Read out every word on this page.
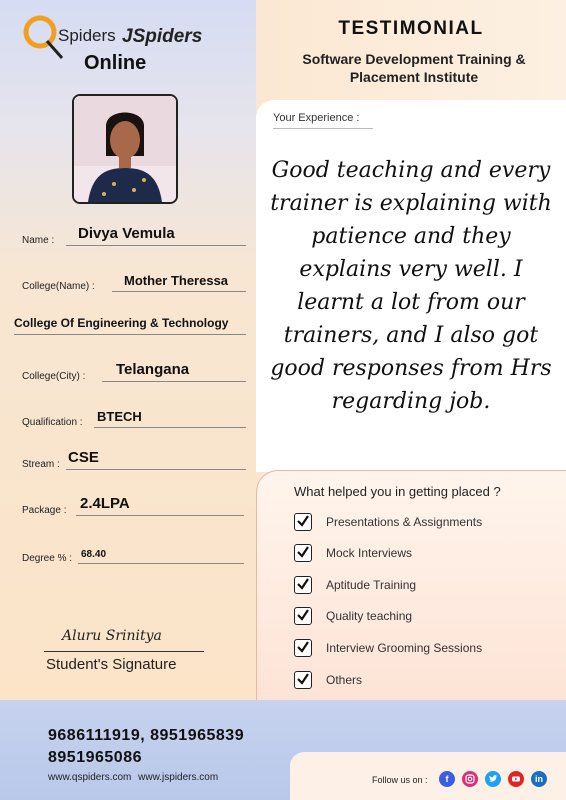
Spiders JSpiders
Online
Name : Divya Vemula
College(Name) : Mother Theressa
College Of Engineering & Technology
College(City) : Telangana
Qualification : BTECH
Stream : CSE
Package : 2.4LPA
Degree % : 68.40
Aluru Srinitya
Student's Signature
TESTIMONIAL
Software Development Training & Placement Institute
Your Experience :
Good teaching and every trainer is explaining with patience and they explains very well. I learnt a lot from our trainers, and I also got good responses from Hrs regarding job.
What helped you in getting placed ?
Presentations & Assignments
Mock Interviews
Aptitude Training
Quality teaching
Interview Grooming Sessions
Others
9686111919, 8951965839
8951965086
www.qspiders.com www.jspiders.com	Follow us on :	f	in
